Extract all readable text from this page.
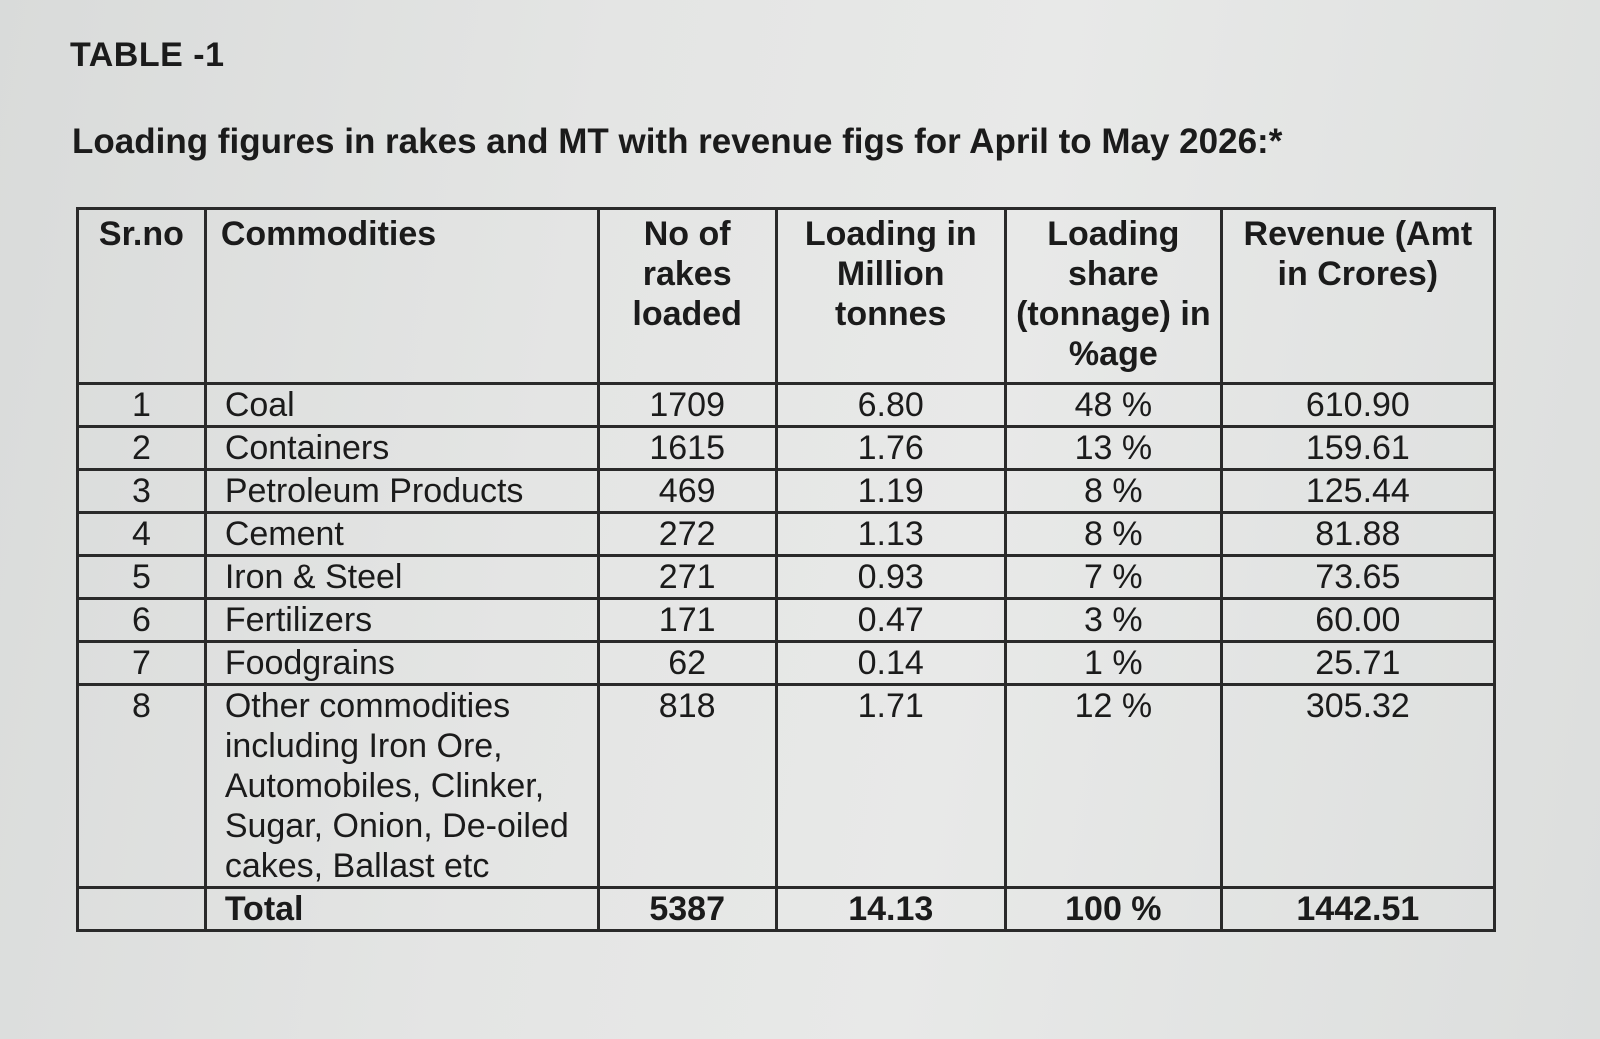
TABLE -1
Loading figures in rakes and MT with revenue figs for April to May 2026:*
Sr.no	Commodities	No of rakes loaded	Loading in Million tonnes	Loading share (tonnage) in %age	Revenue (Amt in Crores)
1	Coal	1709	6.80	48 %	610.90
2	Containers	1615	1.76	13 %	159.61
3	Petroleum Products	469	1.19	8 %	125.44
4	Cement	272	1.13	8 %	81.88
5	Iron & Steel	271	0.93	7 %	73.65
6	Fertilizers	171	0.47	3 %	60.00
7	Foodgrains	62	0.14	1 %	25.71
8	Other commodities including Iron Ore, Automobiles, Clinker, Sugar, Onion, De-oiled cakes, Ballast etc	818	1.71	12 %	305.32
	Total	5387	14.13	100 %	1442.51
